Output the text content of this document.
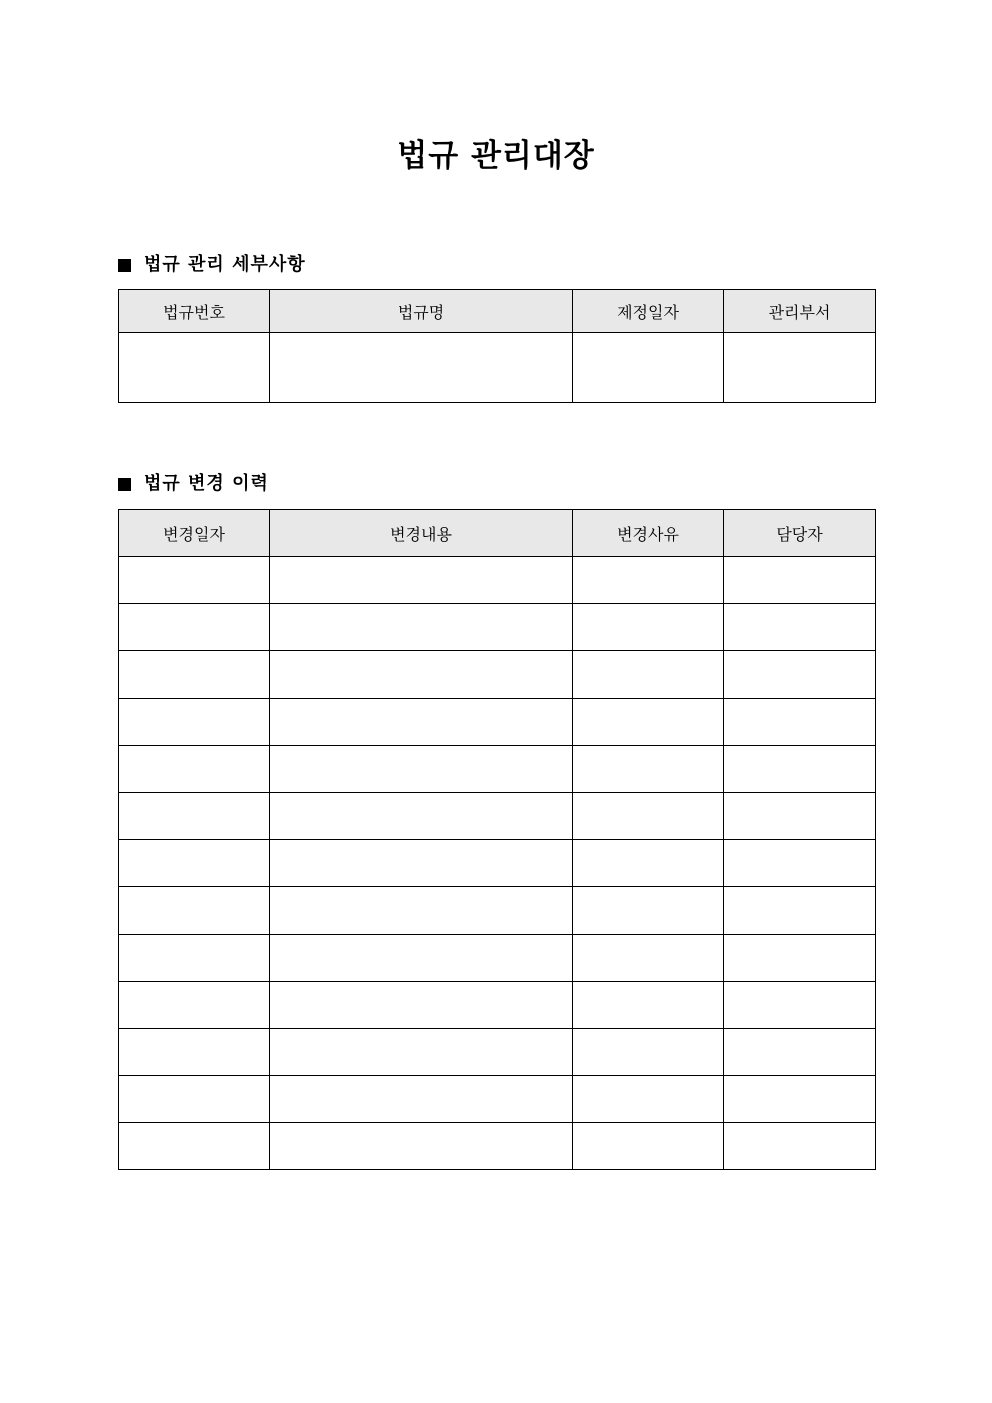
법규 관리대장
법규 관리 세부사항
법규번호	법규명	제정일자	관리부서

법규 변경 이력
변경일자	변경내용	변경사유	담당자
